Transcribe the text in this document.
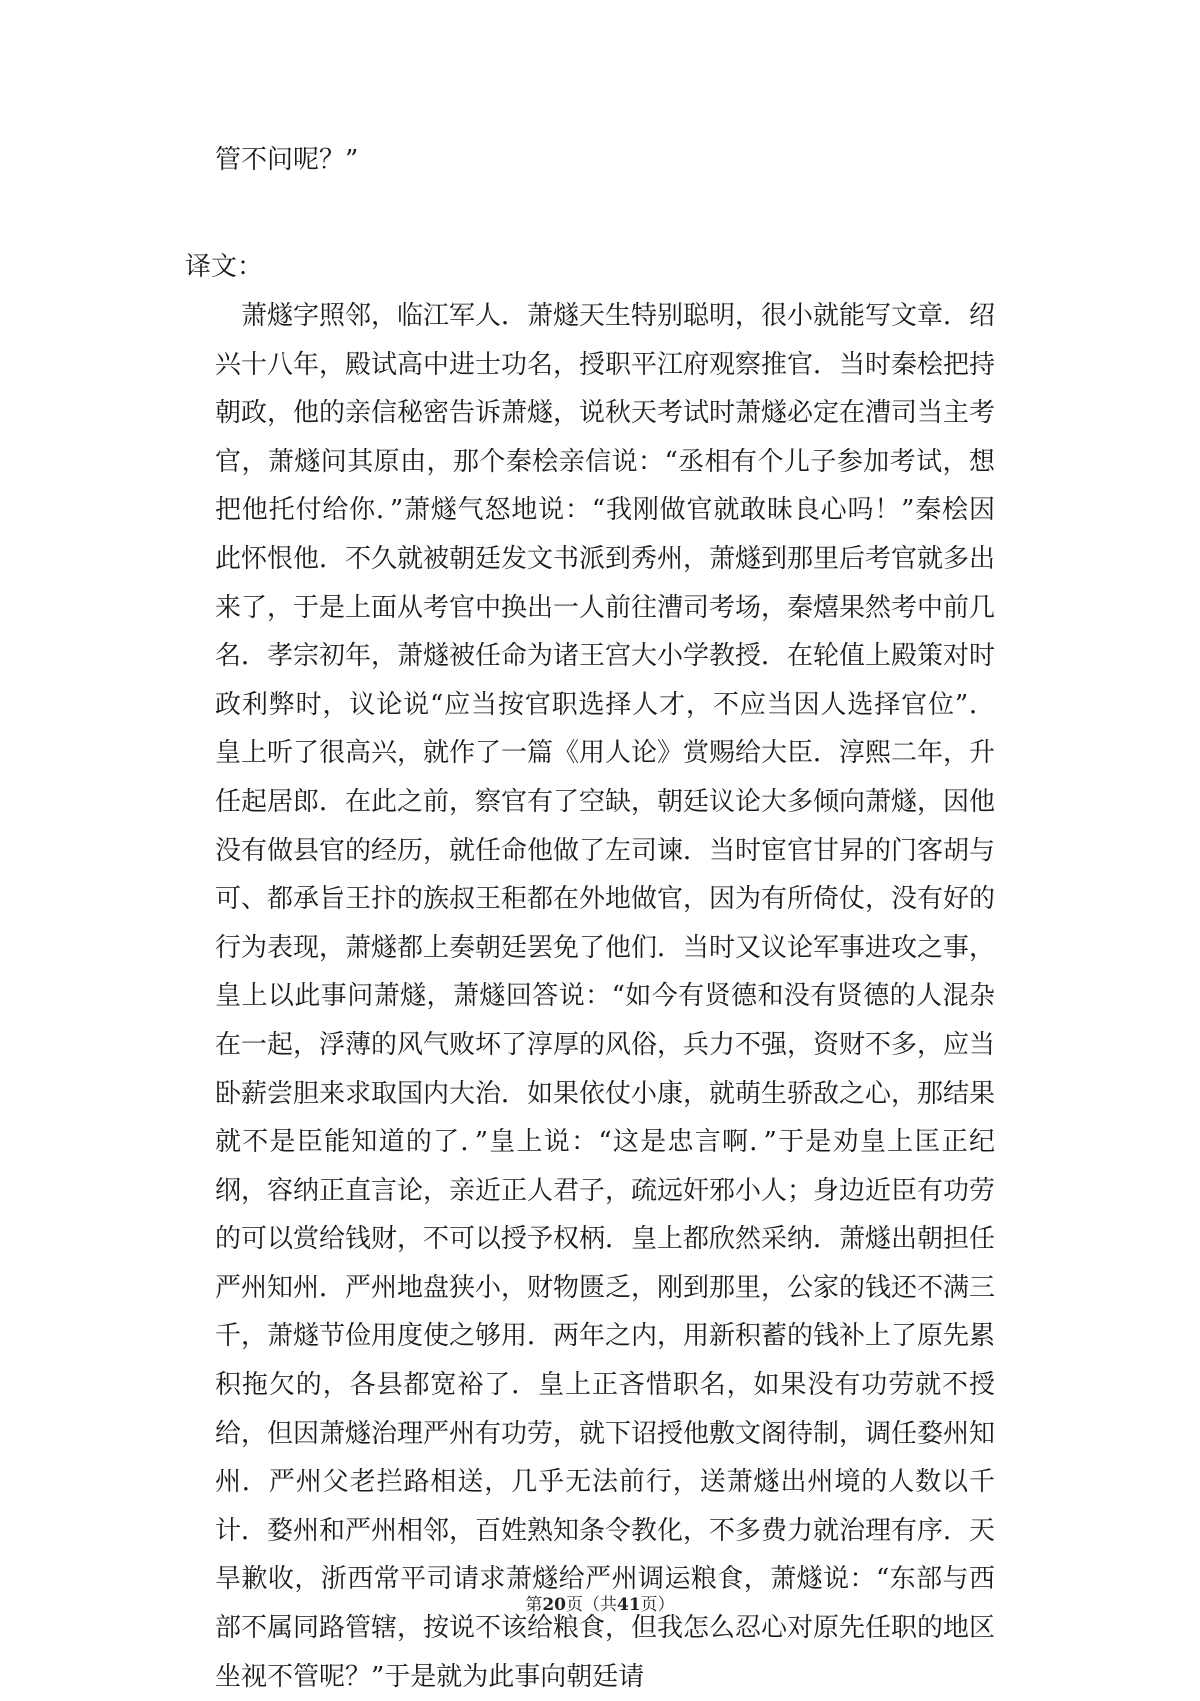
管不问呢？”
译文：

萧燧字照邻，临江军人．萧燧天生特别聪明，很小就能写文章．绍兴十八年，殿试高中进士功名，授职平江府观察推官．当时秦桧把持朝政，他的亲信秘密告诉萧燧，说秋天考试时萧燧必定在漕司当主考官，萧燧问其原由，那个秦桧亲信说：“丞相有个儿子参加考试，想把他托付给你．”萧燧气怒地说：“我刚做官就敢昧良心吗！”秦桧因此怀恨他．不久就被朝廷发文书派到秀州，萧燧到那里后考官就多出来了，于是上面从考官中换出一人前往漕司考场，秦熺果然考中前几名．孝宗初年，萧燧被任命为诸王宫大小学教授．在轮值上殿策对时政利弊时，议论说“应当按官职选择人才，不应当因人选择官位”．皇上听了很高兴，就作了一篇《用人论》赏赐给大臣．淳熙二年，升任起居郎．在此之前，察官有了空缺，朝廷议论大多倾向萧燧，因他没有做县官的经历，就任命他做了左司谏．当时宦官甘昇的门客胡与可、都承旨王抃的族叔王秬都在外地做官，因为有所倚仗，没有好的行为表现，萧燧都上奏朝廷罢免了他们．当时又议论军事进攻之事，皇上以此事问萧燧，萧燧回答说：“如今有贤德和没有贤德的人混杂在一起，浮薄的风气败坏了淳厚的风俗，兵力不强，资财不多，应当卧薪尝胆来求取国内大治．如果依仗小康，就萌生骄敌之心，那结果就不是臣能知道的了．”皇上说：“这是忠言啊．”于是劝皇上匡正纪纲，容纳正直言论，亲近正人君子，疏远奸邪小人；身边近臣有功劳的可以赏给钱财，不可以授予权柄．皇上都欣然采纳．萧燧出朝担任严州知州．严州地盘狭小，财物匮乏，刚到那里，公家的钱还不满三千，萧燧节俭用度使之够用．两年之内，用新积蓄的钱补上了原先累积拖欠的，各县都宽裕了．皇上正吝惜职名，如果没有功劳就不授给，但因萧燧治理严州有功劳，就下诏授他敷文阁待制，调任婺州知州．严州父老拦路相送，几乎无法前行，送萧燧出州境的人数以千计．婺州和严州相邻，百姓熟知条令教化，不多费力就治理有序．天旱歉收，浙西常平司请求萧燧给严州调运粮食，萧燧说：“东部与西部不属同路管辖，按说不该给粮食，但我怎么忍心对原先任职的地区坐视不管呢？”于是就为此事向朝廷请

第20页（共41页）
